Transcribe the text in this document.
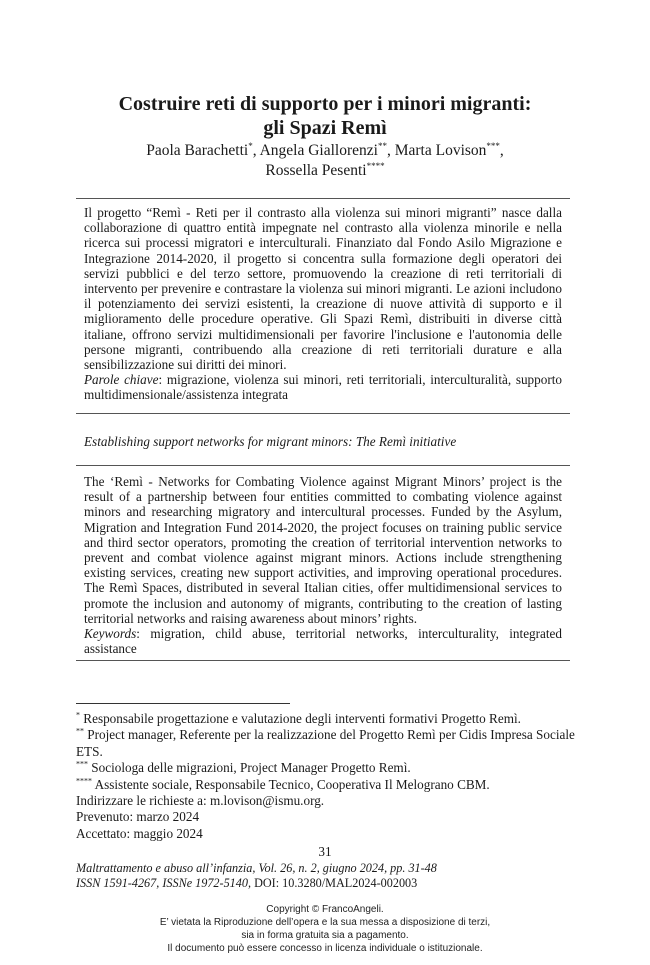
Costruire reti di supporto per i minori migranti:
gli Spazi Remì
Paola Barachetti*, Angela Giallorenzi**, Marta Lovison***,
Rossella Pesenti****

Il progetto “Remì - Reti per il contrasto alla violenza sui minori migranti” nasce dalla collaborazione di quattro entità impegnate nel contrasto alla violenza minorile e nella ricerca sui processi migratori e interculturali. Finanziato dal Fondo Asilo Migrazione e Integrazione 2014-2020, il progetto si concentra sulla formazione degli operatori dei servizi pubblici e del terzo settore, promuovendo la creazione di reti territoriali di intervento per prevenire e contrastare la violenza sui minori migranti. Le azioni includono il potenziamento dei servizi esistenti, la creazione di nuove attività di supporto e il miglioramento delle procedure operative. Gli Spazi Remì, distribuiti in diverse città italiane, offrono servizi multidimensionali per favorire l'inclusione e l'autonomia delle persone migranti, contribuendo alla creazione di reti territoriali durature e alla sensibilizzazione sui diritti dei minori.

Parole chiave: migrazione, violenza sui minori, reti territoriali, interculturalità, supporto multidimensionale/assistenza integrata

Establishing support networks for migrant minors: The Remì initiative

The ‘Remì - Networks for Combating Violence against Migrant Minors’ project is the result of a partnership between four entities committed to combating violence against minors and researching migratory and intercultural processes. Funded by the Asylum, Migration and Integration Fund 2014-2020, the project focuses on training public service and third sector operators, promoting the creation of territorial intervention networks to prevent and combat violence against migrant minors. Actions include strengthening existing services, creating new support activities, and improving operational procedures. The Remì Spaces, distributed in several Italian cities, offer multidimensional services to promote the inclusion and autonomy of migrants, contributing to the creation of lasting territorial networks and raising awareness about minors’ rights.

Keywords: migration, child abuse, territorial networks, interculturality, integrated assistance

* Responsabile progettazione e valutazione degli interventi formativi Progetto Remì.

** Project manager, Referente per la realizzazione del Progetto Remì per Cidis Impresa Sociale ETS.

*** Sociologa delle migrazioni, Project Manager Progetto Remì.

**** Assistente sociale, Responsabile Tecnico, Cooperativa Il Melograno CBM.

Indirizzare le richieste a: m.lovison@ismu.org.

Prevenuto: marzo 2024

Accettato: maggio 2024

31

Maltrattamento e abuso all’infanzia, Vol. 26, n. 2, giugno 2024, pp. 31-48

ISSN 1591-4267, ISSNe 1972-5140, DOI: 10.3280/MAL2024-002003

Copyright © FrancoAngeli.

E’ vietata la Riproduzione dell’opera e la sua messa a disposizione di terzi,

sia in forma gratuita sia a pagamento.

Il documento può essere concesso in licenza individuale o istituzionale.
